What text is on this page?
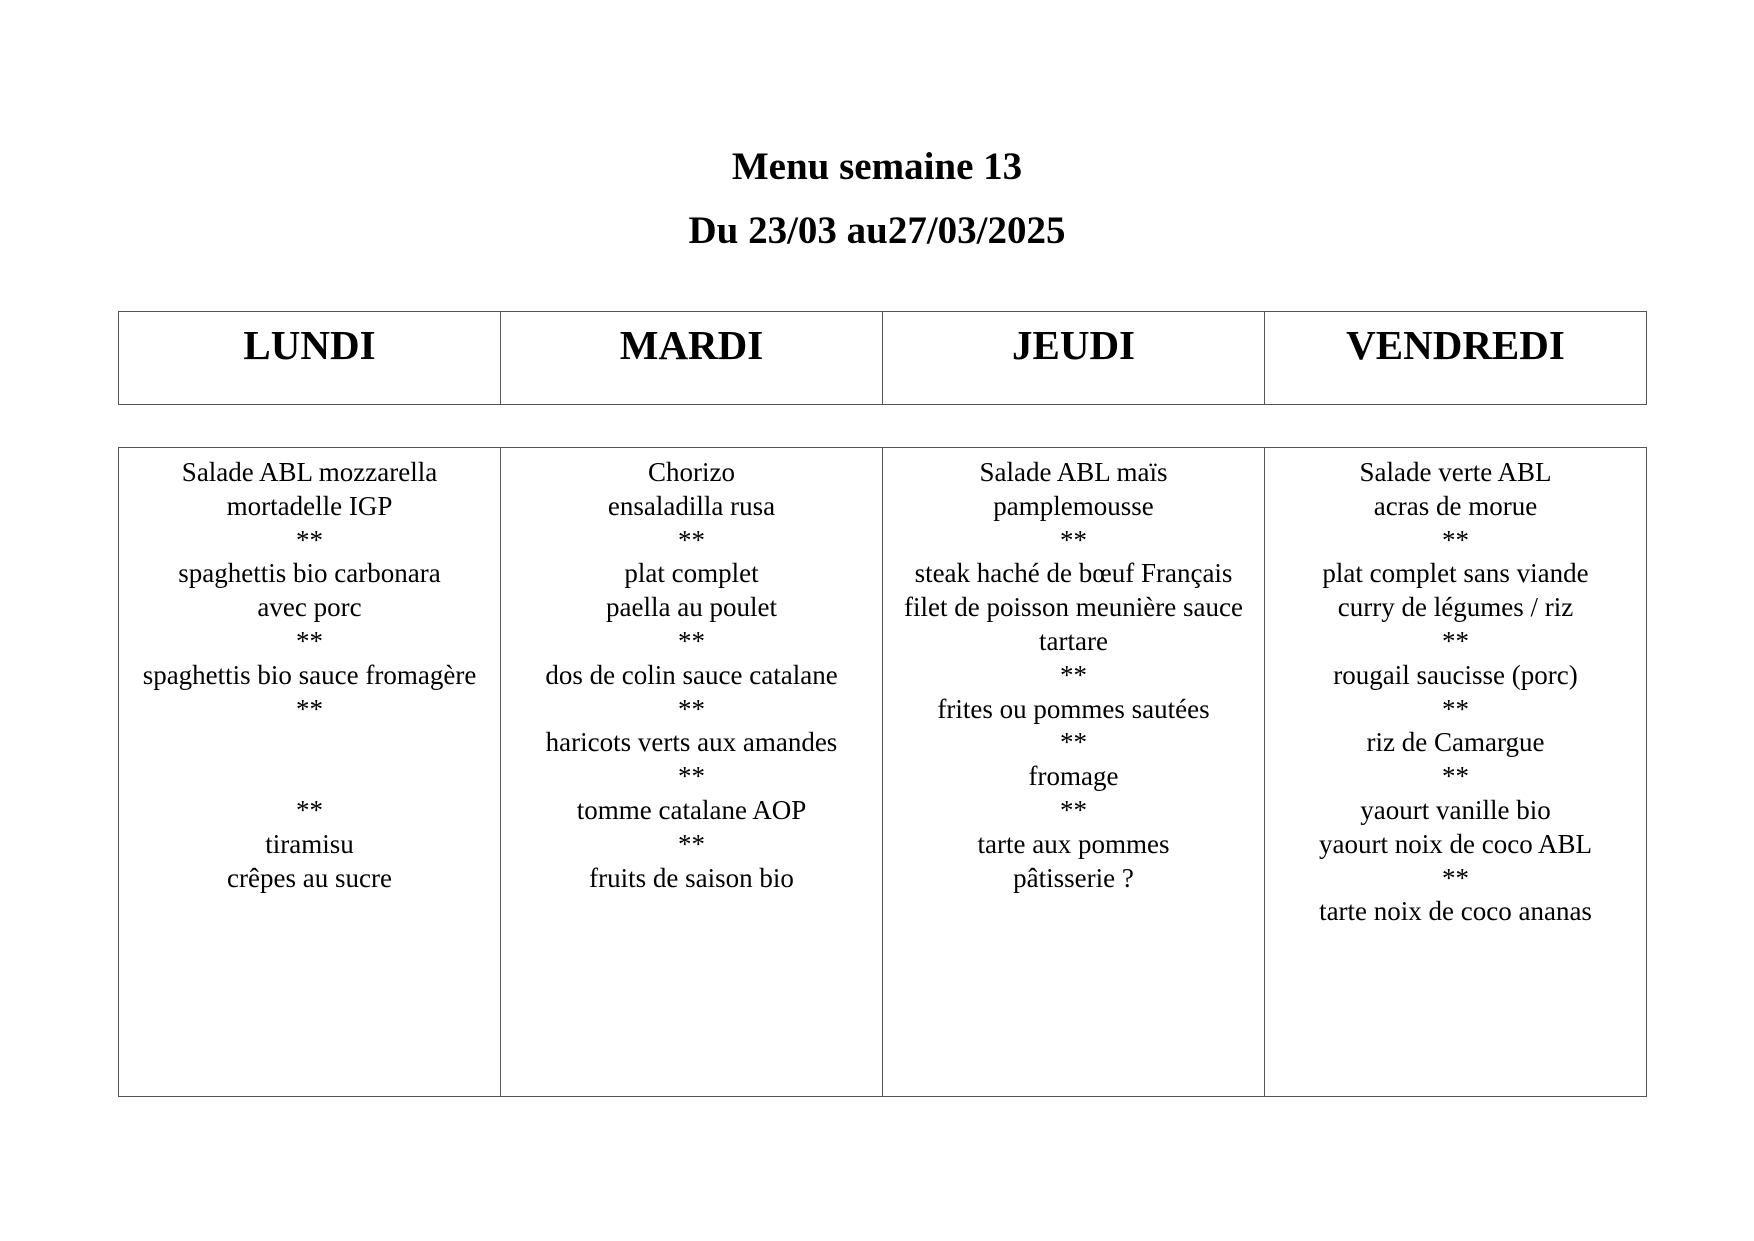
Menu semaine 13
Du 23/03 au27/03/2025
LUNDI	MARDI	JEUDI	VENDREDI
Salade ABL mozzarella
mortadelle IGP
**
spaghettis bio carbonara
avec porc
**
spaghettis bio sauce fromagère
**
**
tiramisu
crêpes au sucre

Chorizo
ensaladilla rusa
**
plat complet
paella au poulet
**
dos de colin sauce catalane
**
haricots verts aux amandes
**
tomme catalane AOP
**
fruits de saison bio

Salade ABL maïs
pamplemousse
**
steak haché de bœuf Français
filet de poisson meunière sauce
tartare
**
frites ou pommes sautées
**
fromage
**
tarte aux pommes
pâtisserie ?

Salade verte ABL
acras de morue
**
plat complet sans viande
curry de légumes / riz
**
rougail saucisse (porc)
**
riz de Camargue
**
yaourt vanille bio
yaourt noix de coco ABL
**
tarte noix de coco ananas
